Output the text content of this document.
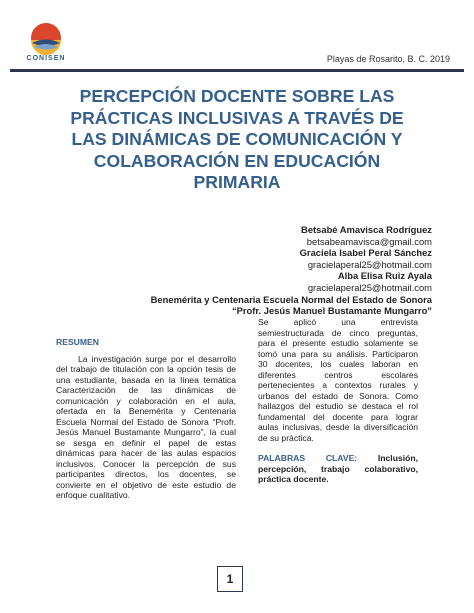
CONISEN	Playas de Rosarito, B. C. 2019
PERCEPCIÓN DOCENTE SOBRE LAS
PRÁCTICAS INCLUSIVAS A TRAVÉS DE
LAS DINÁMICAS DE COMUNICACIÓN Y
COLABORACIÓN EN EDUCACIÓN
PRIMARIA
Betsabé Amavisca Rodríguez
betsabeamavisca@gmail.com
Graciela Isabel Peral Sánchez
gracielaperal25@hotmail.com
Alba Elisa Ruiz Ayala
gracielaperal25@hotmail.com
Benemérita y Centenaria Escuela Normal del Estado de Sonora
“Profr. Jesús Manuel Bustamante Mungarro”
RESUMEN

La investigación surge por el desarrollo del trabajo de titulación con la opción tesis de una estudiante, basada en la línea temática Caracterización de las dinámicas de comunicación y colaboración en el aula, ofertada en la Benemérita y Centenaria Escuela Normal del Estado de Sonora “Profr. Jesús Manuel Bustamante Mungarro”, la cual se sesga en definir el papel de estas dinámicas para hacer de las aulas espacios inclusivos. Conocer la percepción de sus participantes directos, los docentes, se convierte en el objetivo de este estudio de enfoque cualitativo.

Se aplicó una entrevista semiestructurada de cinco preguntas, para el presente estudio solamente se tomó una para su análisis. Participaron 30 docentes, los cuales laboran en diferentes centros escolares pertenecientes a contextos rurales y urbanos del estado de Sonora. Como hallazgos del estudio se destaca el rol fundamental del docente para lograr aulas inclusivas, desde la diversificación de su práctica.

PALABRAS CLAVE: Inclusión, percepción, trabajo colaborativo, práctica docente.
1
